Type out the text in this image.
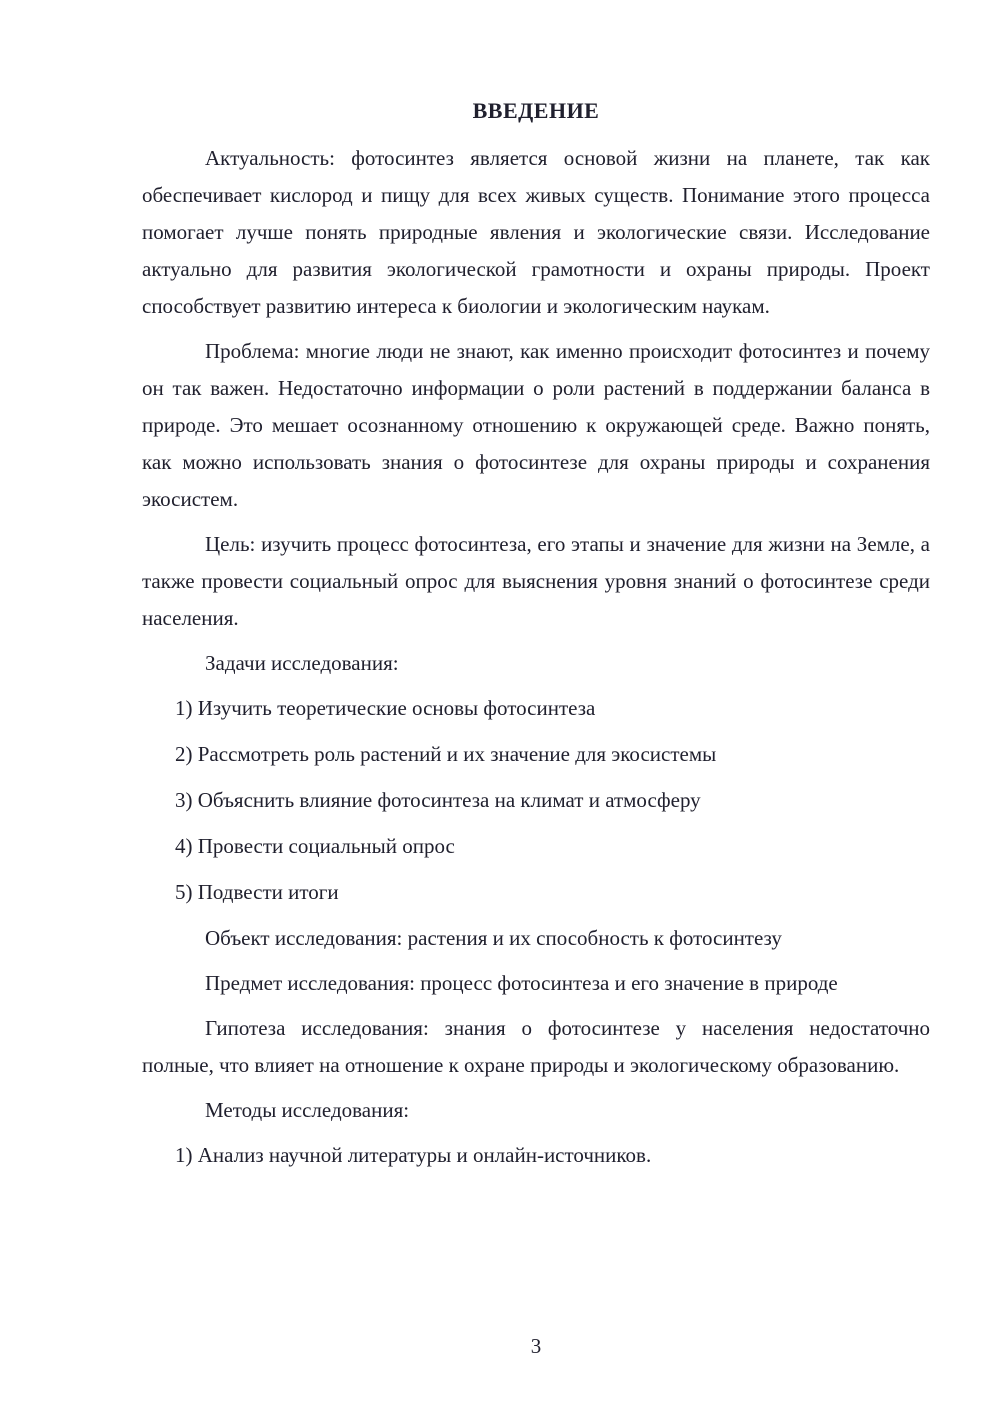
ВВЕДЕНИЕ

Актуальность: фотосинтез является основой жизни на планете, так как обеспечивает кислород и пищу для всех живых существ. Понимание этого процесса помогает лучше понять природные явления и экологические связи. Исследование актуально для развития экологической грамотности и охраны природы. Проект способствует развитию интереса к биологии и экологическим наукам.

Проблема: многие люди не знают, как именно происходит фотосинтез и почему он так важен. Недостаточно информации о роли растений в поддержании баланса в природе. Это мешает осознанному отношению к окружающей среде. Важно понять, как можно использовать знания о фотосинтезе для охраны природы и сохранения экосистем.

Цель: изучить процесс фотосинтеза, его этапы и значение для жизни на Земле, а также провести социальный опрос для выяснения уровня знаний о фотосинтезе среди населения.

Задачи исследования:

1) Изучить теоретические основы фотосинтеза

2) Рассмотреть роль растений и их значение для экосистемы

3) Объяснить влияние фотосинтеза на климат и атмосферу

4) Провести социальный опрос

5) Подвести итоги

Объект исследования: растения и их способность к фотосинтезу

Предмет исследования: процесс фотосинтеза и его значение в природе

Гипотеза исследования: знания о фотосинтезе у населения недостаточно полные, что влияет на отношение к охране природы и экологическому образованию.

Методы исследования:

1) Анализ научной литературы и онлайн-источников.

3
